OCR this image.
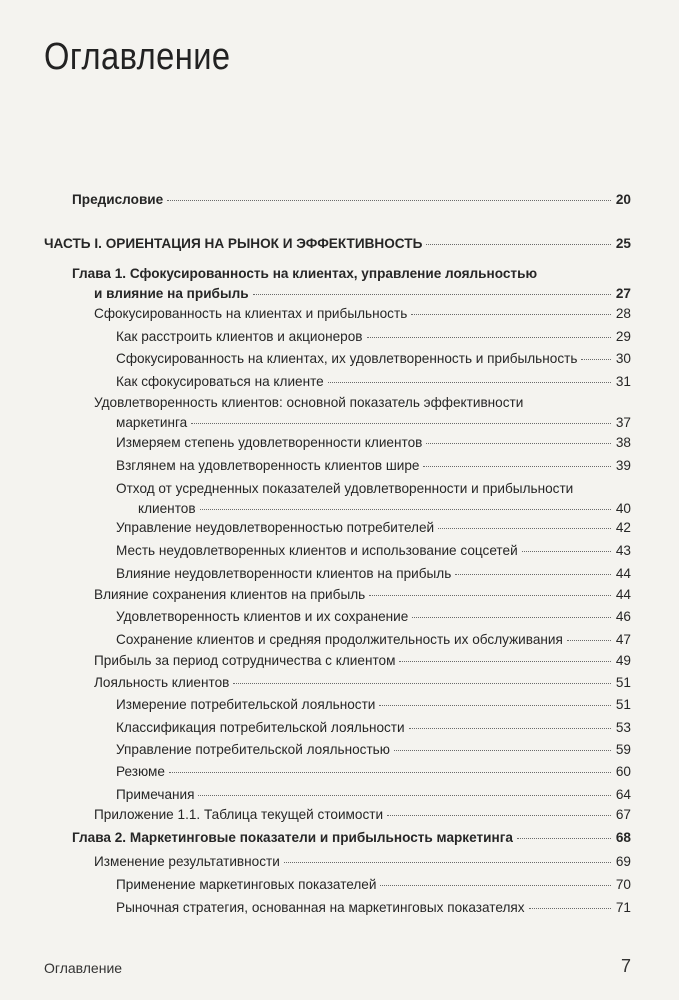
Оглавление
Предисловие	20
ЧАСТЬ I. ОРИЕНТАЦИЯ НА РЫНОК И ЭФФЕКТИВНОСТЬ	25
Глава 1. Сфокусированность на клиентах, управление лояльностью
и влияние на прибыль	27
Сфокусированность на клиентах и прибыльность	28
Как расстроить клиентов и акционеров	29
Сфокусированность на клиентах, их удовлетворенность и прибыльность	30
Как сфокусироваться на клиенте	31
Удовлетворенность клиентов: основной показатель эффективности
маркетинга	37
Измеряем степень удовлетворенности клиентов	38
Взглянем на удовлетворенность клиентов шире	39
Отход от усредненных показателей удовлетворенности и прибыльности
клиентов	40
Управление неудовлетворенностью потребителей	42
Месть неудовлетворенных клиентов и использование соцсетей	43
Влияние неудовлетворенности клиентов на прибыль	44
Влияние сохранения клиентов на прибыль	44
Удовлетворенность клиентов и их сохранение	46
Сохранение клиентов и средняя продолжительность их обслуживания	47
Прибыль за период сотрудничества с клиентом	49
Лояльность клиентов	51
Измерение потребительской лояльности	51
Классификация потребительской лояльности	53
Управление потребительской лояльностью	59
Резюме	60
Примечания	64
Приложение 1.1. Таблица текущей стоимости	67
Глава 2. Маркетинговые показатели и прибыльность маркетинга	68
Изменение результативности	69
Применение маркетинговых показателей	70
Рыночная стратегия, основанная на маркетинговых показателях	71
Оглавление	7
